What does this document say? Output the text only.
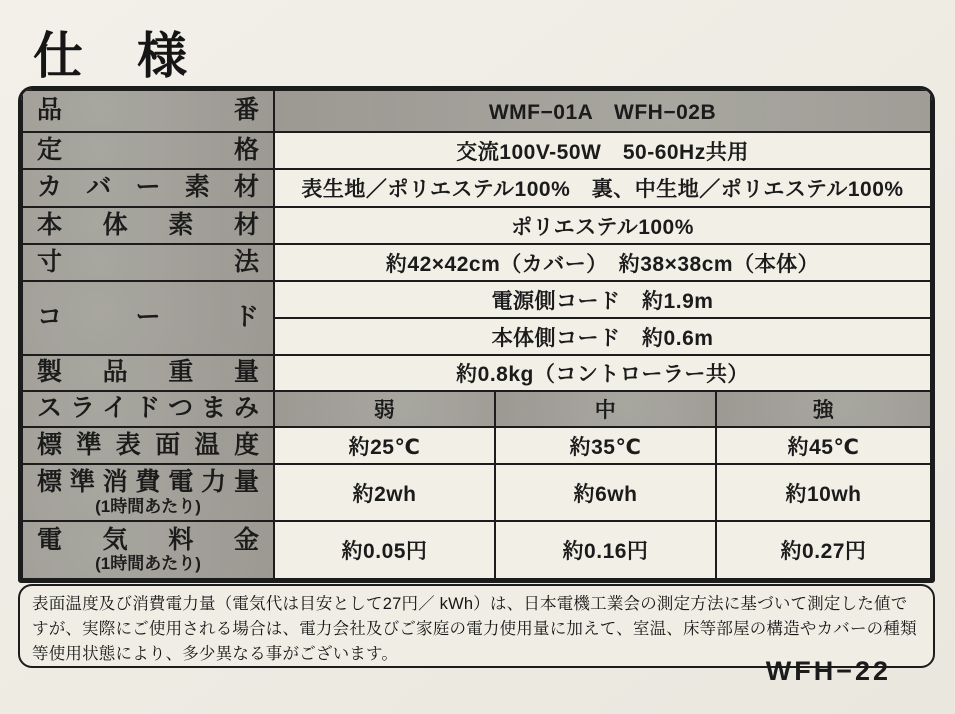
仕　様
品番	WMF−01A　WFH−02B		

定格	交流100V-50W　50-60Hz共用		

カバー素材	表生地／ポリエステル100%　裏、中生地／ポリエステル100%		

本体素材	ポリエステル100%		

寸法	約42×42cm（カバー）　約38×38cm（本体）		

コード	電源側コード　約1.9m		
	本体側コード　約0.6m		

製品重量	約0.8kg（コントローラー共）		

スライドつまみ	弱	中	強

標準表面温度	約25℃	約35℃	約45℃

標準消費電力量
(1時間あたり)	約2wh	約6wh	約10wh

電気料金
(1時間あたり)	約0.05円	約0.16円	約0.27円
表面温度及び消費電力量（電気代は目安として27円／ kWh）は、日本電機工業会の測定方法に基づいて測定した値ですが、実際にご使用される場合は、電力会社及びご家庭の電力使用量に加えて、室温、床等部屋の構造やカバーの種類等使用状態により、多少異なる事がございます。
WFH−22
